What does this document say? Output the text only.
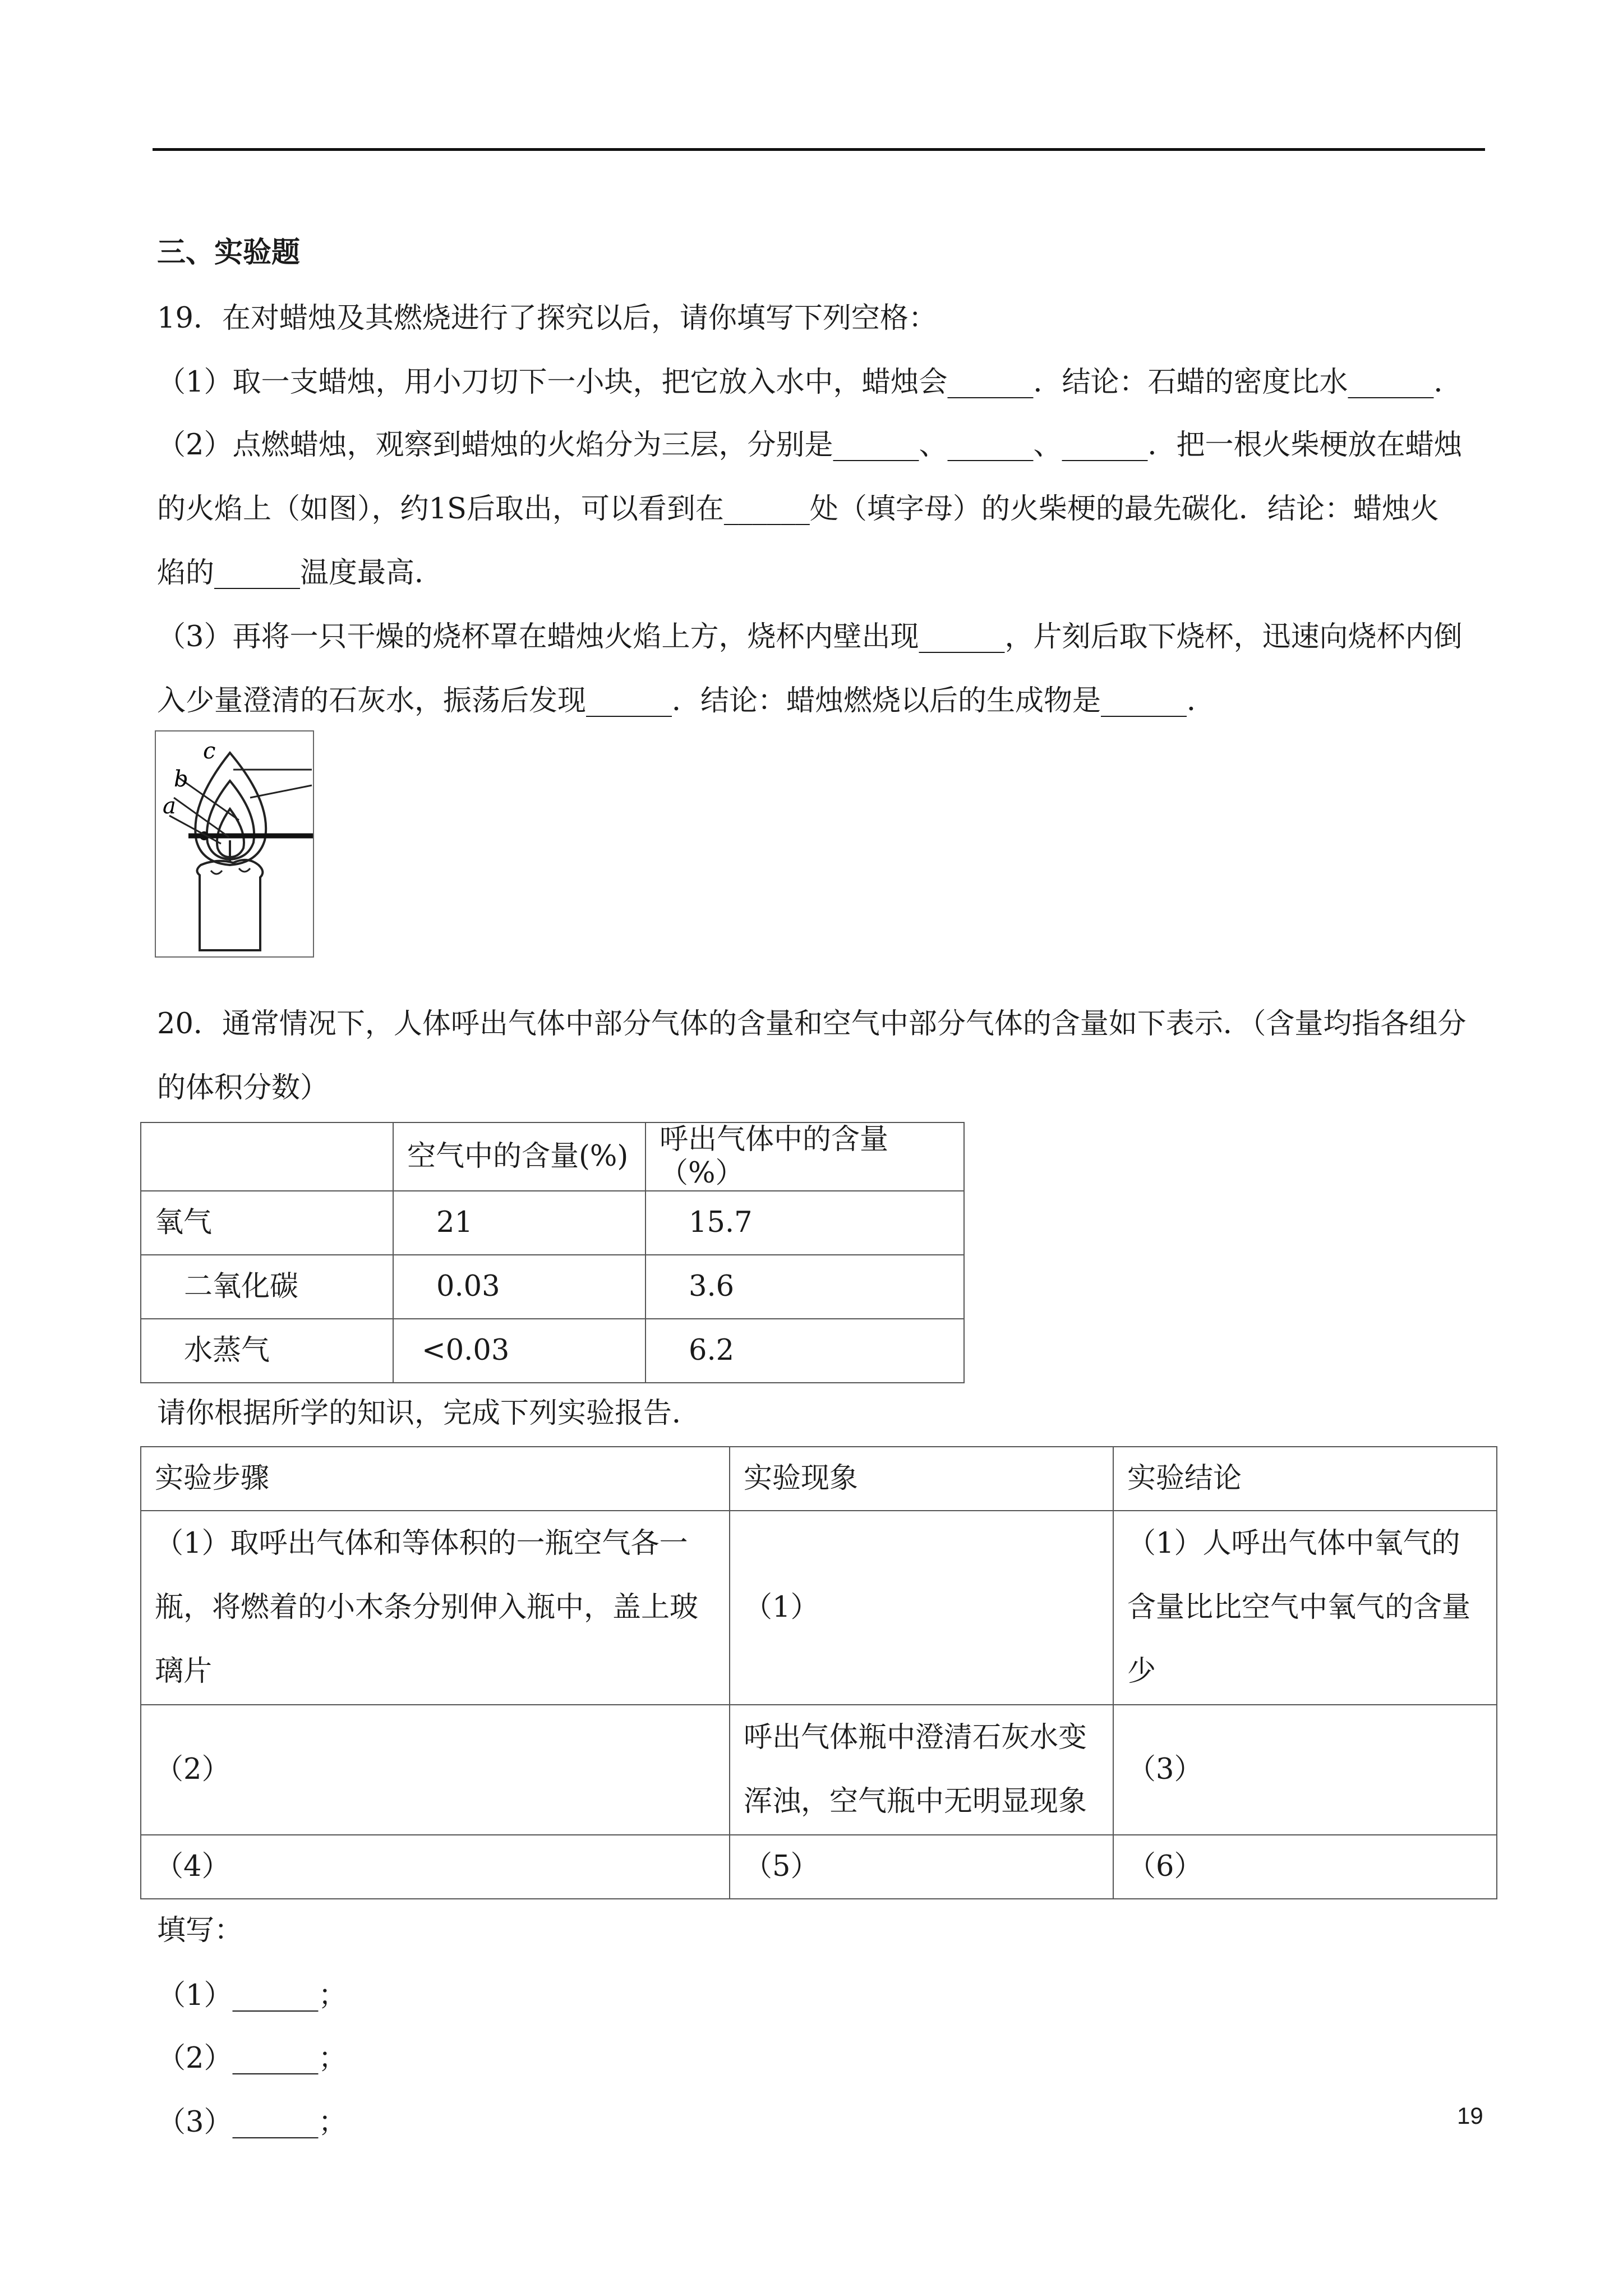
三、实验题
19．在对蜡烛及其燃烧进行了探究以后，请你填写下列空格：
（1）取一支蜡烛，用小刀切下一小块，把它放入水中，蜡烛会______．结论：石蜡的密度比水______．
（2）点燃蜡烛，观察到蜡烛的火焰分为三层，分别是______、______、______．把一根火柴梗放在蜡烛
的火焰上（如图），约1S后取出，可以看到在______处（填字母）的火柴梗的最先碳化．结论：蜡烛火
焰的______温度最高．
（3）再将一只干燥的烧杯罩在蜡烛火焰上方，烧杯内壁出现______，片刻后取下烧杯，迅速向烧杯内倒
入少量澄清的石灰水，振荡后发现______．结论：蜡烛燃烧以后的生成物是______．
c
b
a
20．通常情况下，人体呼出气体中部分气体的含量和空气中部分气体的含量如下表示．（含量均指各组分
的体积分数）
	空气中的含量(%)	呼出气体中的含量（%）
氧气	21	15.7
二氧化碳	0.03	3.6
水蒸气	<0.03	6.2
请你根据所学的知识，完成下列实验报告．
实验步骤	实验现象	实验结论
（1）取呼出气体和等体积的一瓶空气各一瓶，将燃着的小木条分别伸入瓶中，盖上玻璃片	（1）	（1）人呼出气体中氧气的含量比比空气中氧气的含量少
（2）	呼出气体瓶中澄清石灰水变浑浊，空气瓶中无明显现象	（3）
（4）	（5）	（6）
填写：
（1）______；
（2）______；
（3）______；	19
